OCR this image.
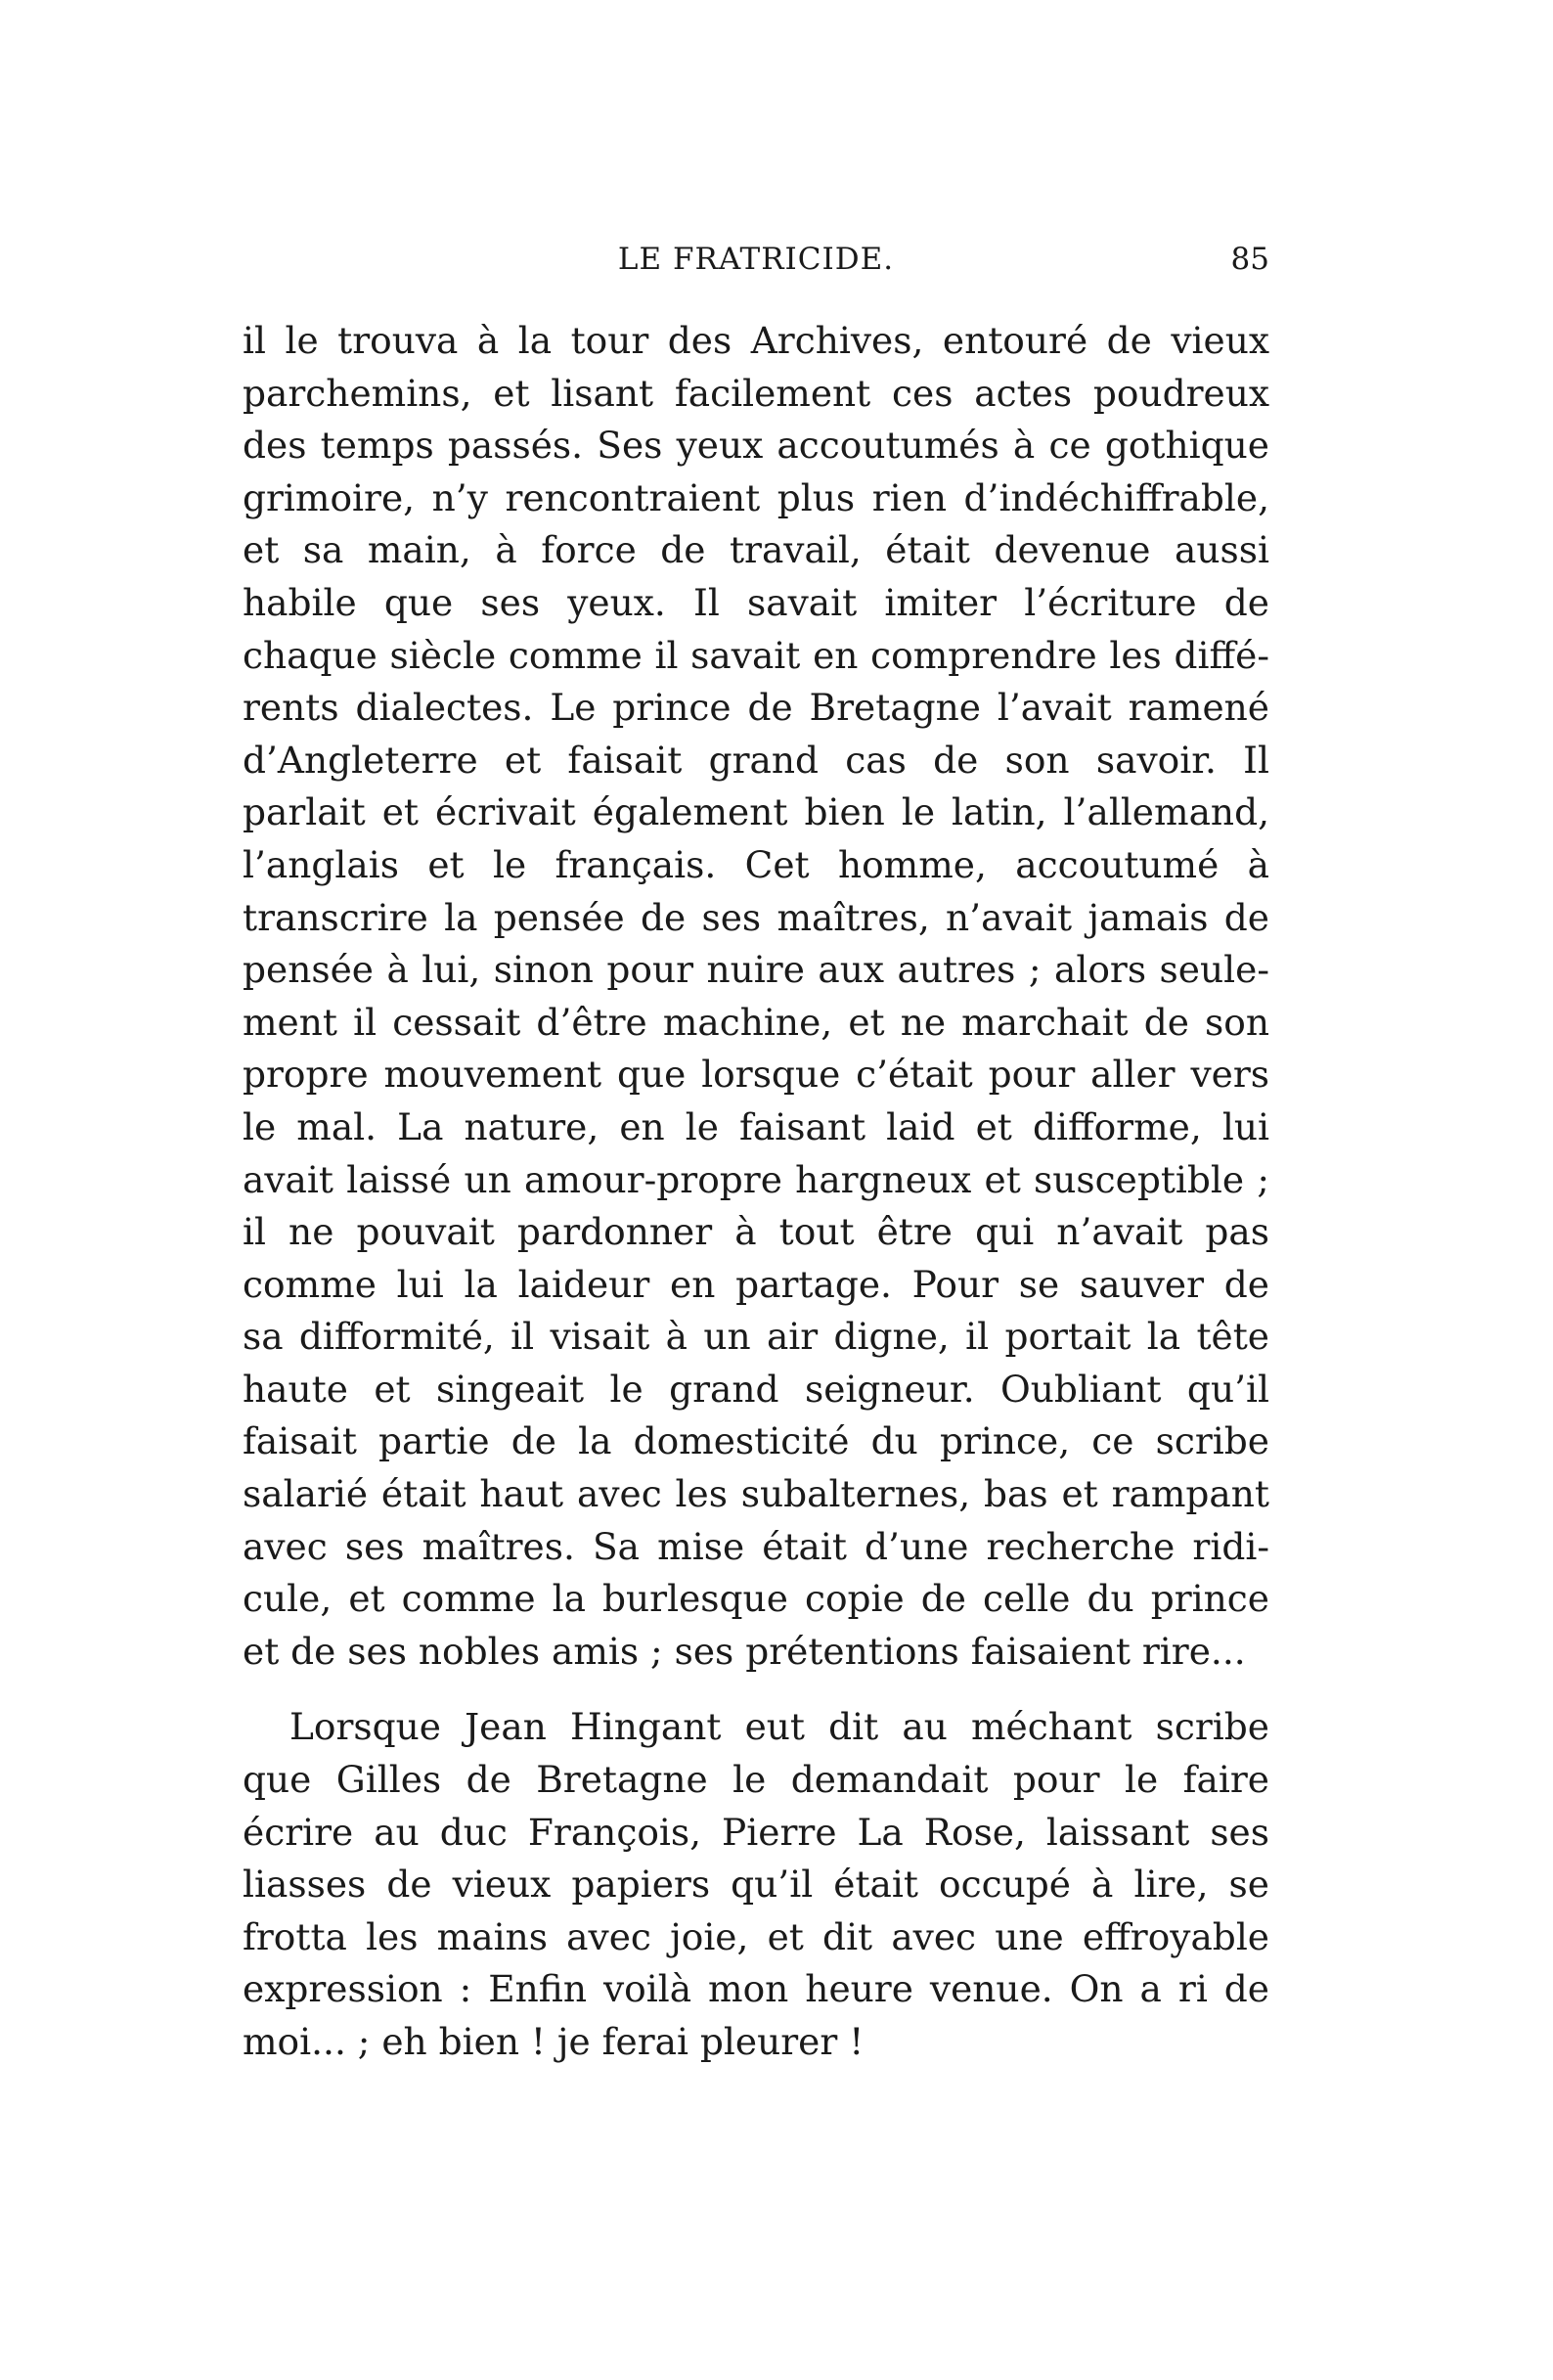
LE FRATRICIDE.	85
il le trouva à la tour des Archives, entouré de vieux
parchemins, et lisant facilement ces actes poudreux
des temps passés. Ses yeux accoutumés à ce gothique
grimoire, n’y rencontraient plus rien d’indéchiffrable,
et sa main, à force de travail, était devenue aussi
habile que ses yeux. Il savait imiter l’écriture de
chaque siècle comme il savait en comprendre les diffé-
rents dialectes. Le prince de Bretagne l’avait ramené
d’Angleterre et faisait grand cas de son savoir. Il
parlait et écrivait également bien le latin, l’allemand,
l’anglais et le français. Cet homme, accoutumé à
transcrire la pensée de ses maîtres, n’avait jamais de
pensée à lui, sinon pour nuire aux autres ; alors seule-
ment il cessait d’être machine, et ne marchait de son
propre mouvement que lorsque c’était pour aller vers
le mal. La nature, en le faisant laid et difforme, lui
avait laissé un amour-propre hargneux et susceptible ;
il ne pouvait pardonner à tout être qui n’avait pas
comme lui la laideur en partage. Pour se sauver de
sa difformité, il visait à un air digne, il portait la tête
haute et singeait le grand seigneur. Oubliant qu’il
faisait partie de la domesticité du prince, ce scribe
salarié était haut avec les subalternes, bas et rampant
avec ses maîtres. Sa mise était d’une recherche ridi-
cule, et comme la burlesque copie de celle du prince
et de ses nobles amis ; ses prétentions faisaient rire...
Lorsque Jean Hingant eut dit au méchant scribe
que Gilles de Bretagne le demandait pour le faire
écrire au duc François, Pierre La Rose, laissant ses
liasses de vieux papiers qu’il était occupé à lire, se
frotta les mains avec joie, et dit avec une effroyable
expression : Enfin voilà mon heure venue. On a ri de
moi... ; eh bien ! je ferai pleurer !
